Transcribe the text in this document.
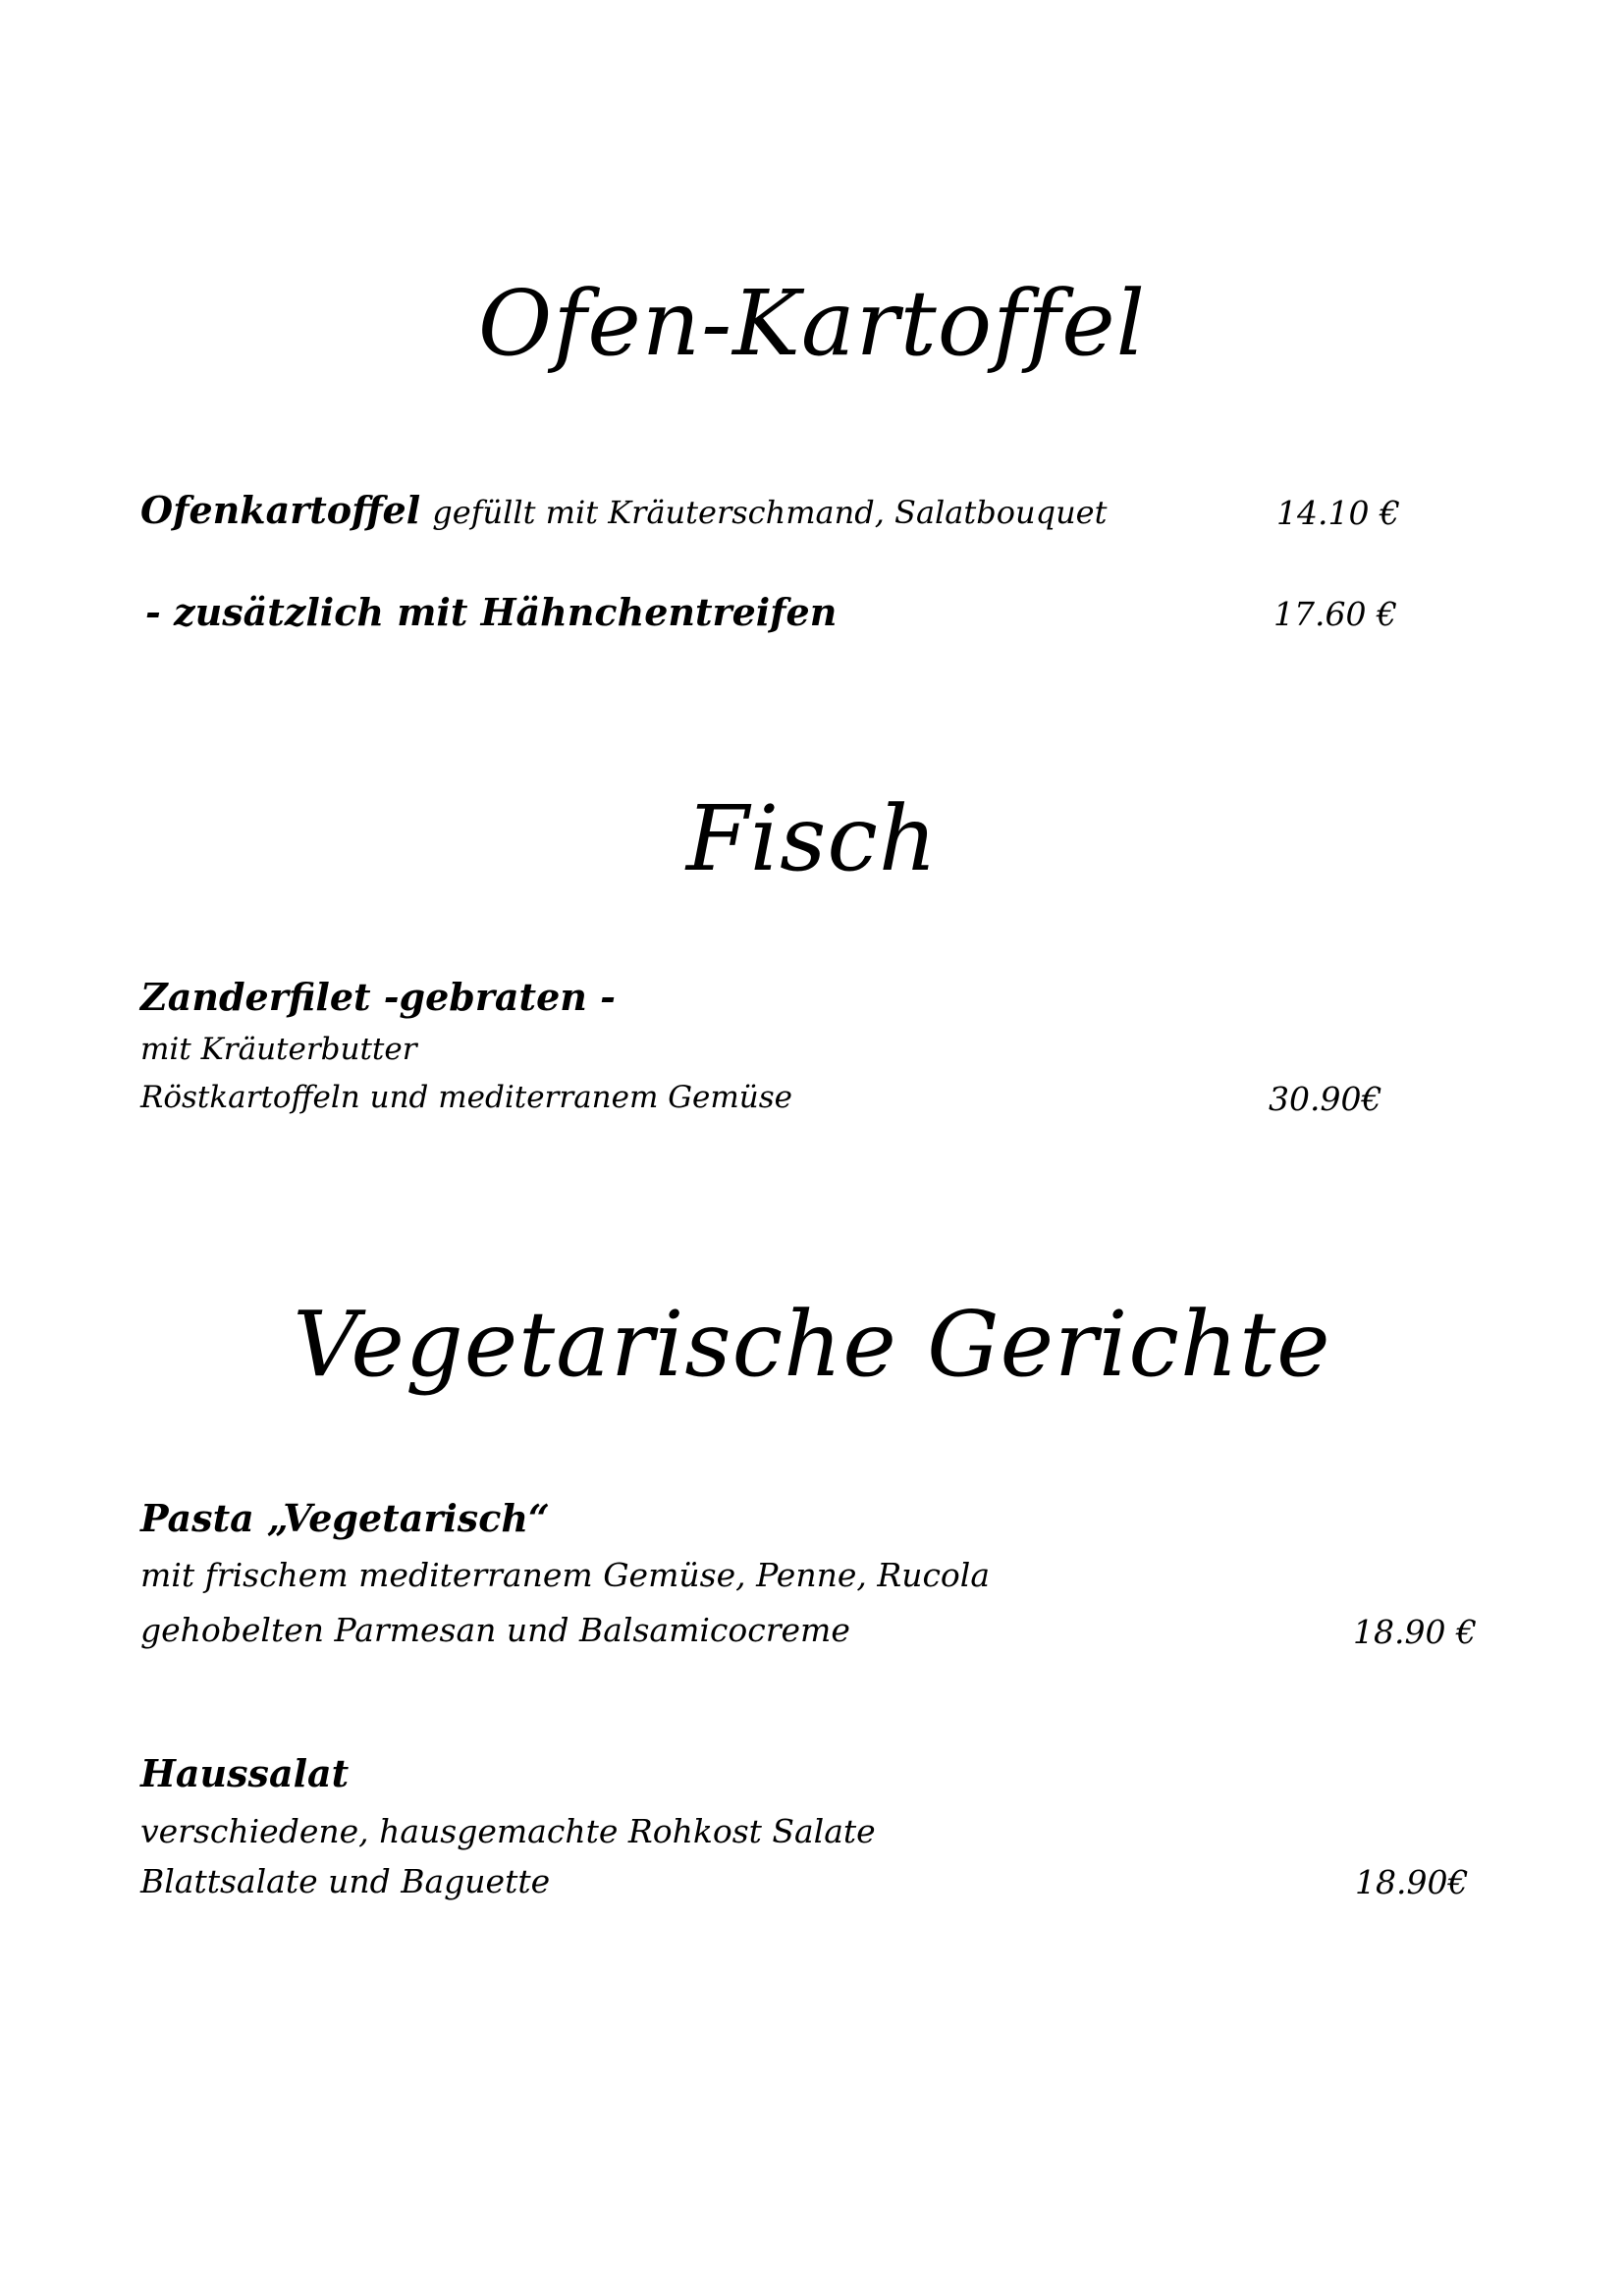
Ofen-Kartoffel
Ofenkartoffel gefüllt mit Kräuterschmand, Salatbouquet	14.10 €
- zusätzlich mit Hähnchentreifen	17.60 €
Fisch
Zanderfilet -gebraten -
mit Kräuterbutter
Röstkartoffeln und mediterranem Gemüse	30.90€
Vegetarische Gerichte
Pasta „Vegetarisch“
mit frischem mediterranem Gemüse, Penne, Rucola
gehobelten Parmesan und Balsamicocreme	18.90 €
Haussalat
verschiedene, hausgemachte Rohkost Salate
Blattsalate und Baguette	18.90€
